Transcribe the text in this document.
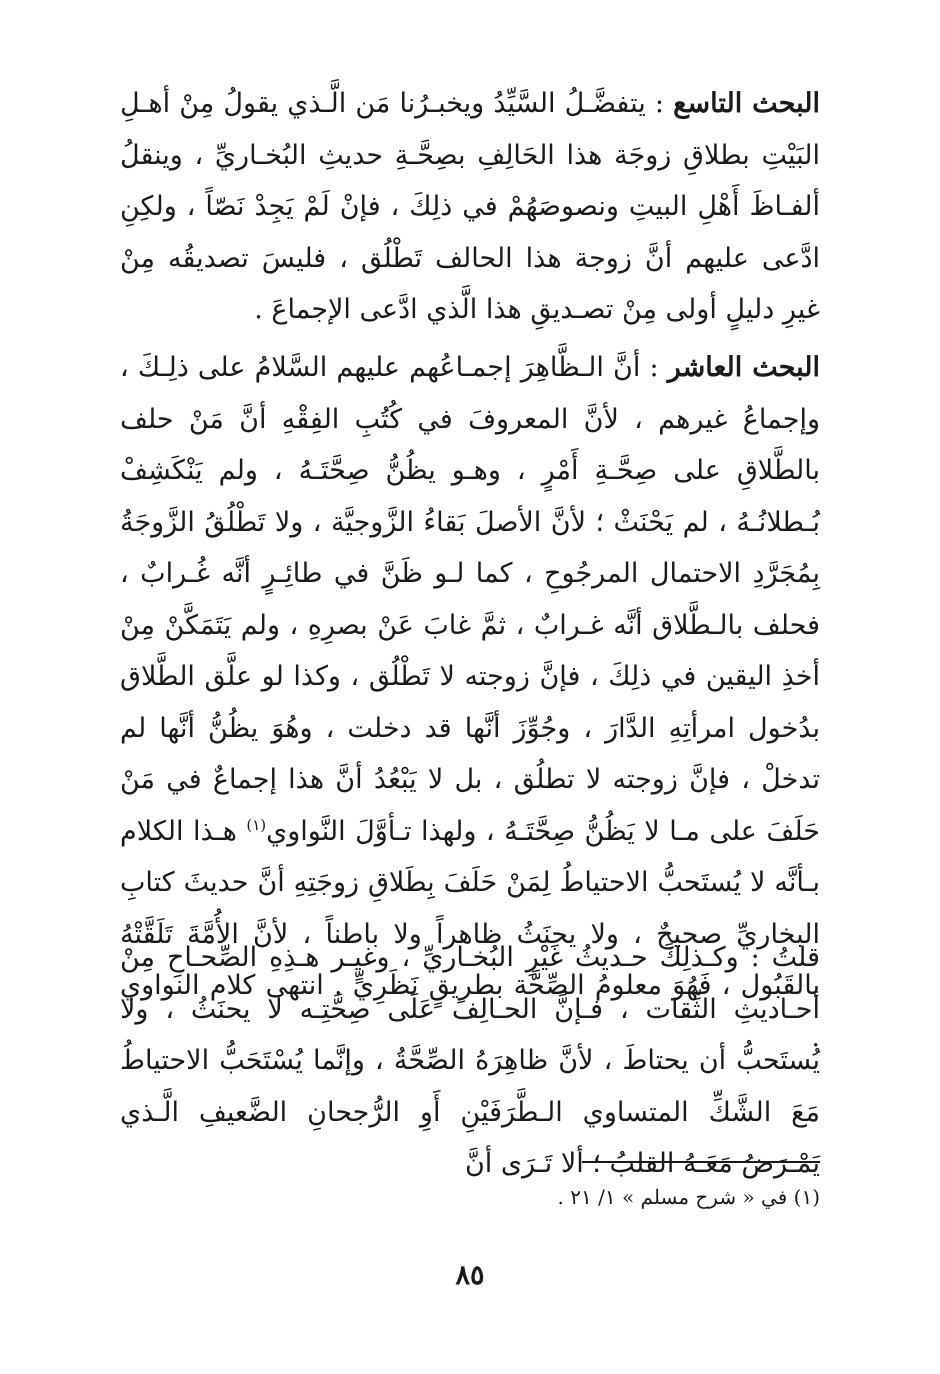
البحث التاسع : يتفضَّـلُ السَّيِّدُ ويخبـرُنا مَن الَّـذي يقولُ مِنْ أهـلِ البَيْتِ بطلاقِ زوجَة هذا الحَالِفِ بصِحَّـةِ حديثِ البُخـاريِّ ، وينقلُ ألفـاظَ أَهْلِ البيتِ ونصوصَهُمْ في ذلِكَ ، فإنْ لَمْ يَجِدْ نَصّاً ، ولكِنِ ادَّعى عليهم أنَّ زوجة هذا الحالف تَطْلُق ، فليسَ تصديقُه مِنْ غيرِ دليلٍ أولى مِنْ تصـديقِ هذا الَّذي ادَّعى الإجماعَ .

البحث العاشر : أنَّ الـظَّاهِرَ إجمـاعُهم عليهم السَّلامُ على ذلِـكَ ، وإجماعُ غيرهم ، لأنَّ المعروفَ في كُتُبِ الفِقْهِ أنَّ مَنْ حلف بالطَّلاقِ على صِحَّـةِ أَمْرٍ ، وهـو يظُنُّ صِحَّتَـهُ ، ولم يَنْكَشِفْ بُـطلانُـهُ ، لم يَحْنَثْ ؛ لأنَّ الأصلَ بَقاءُ الزَّوجيَّة ، ولا تَطْلُقُ الزَّوجَةُ بِمُجَرَّدِ الاحتمال المرجُوحِ ، كما لـو ظَنَّ في طائِـرٍ أنَّه غُـرابٌ ، فحلف بالـطَّلاق أنَّه غـرابٌ ، ثمَّ غابَ عَنْ بصرِهِ ، ولم يَتَمَكَّنْ مِنْ أخذِ اليقين في ذلِكَ ، فإنَّ زوجته لا تَطْلُق ، وكذا لو علَّق الطَّلاق بدُخول امرأتِهِ الدَّارَ ، وجُوِّزَ أنَّها قد دخلت ، وهُوَ يظُنُّ أنَّها لم تدخلْ ، فإنَّ زوجته لا تطلُق ، بل لا يَبْعُدُ أنَّ هذا إجماعٌ في مَنْ حَلَفَ على مـا لا يَظُنُّ صِحَّتَـهُ ، ولهذا تـأوَّلَ النَّواوي$^{(١)}$ هـذا الكلام بـأنَّه لا يُستَحبُّ الاحتياطُ لِمَنْ حَلَفَ بِطَلاقِ زوجَتِهِ أنَّ حديثَ كتابِ البخاريِّ صحيحٌ ، ولا يحنَثُ ظاهراً ولا باطناً ، لأنَّ الأُمَّةَ تَلَقَّتْهُ بالقَبُول ، فَهُوَ معلومُ الصِّحَّة بطريقٍ نَظَرِيٍّ . انتهى كلام النواوي .

قلتُ : وكـذلِكَ حـديثُ غَيْرِ البُخـاريِّ ، وغيـر هـذِهِ الصِّحـاحِ مِنْ أحـاديثِ الثِّقات ، فـإنَّ الحـالِفَ عَلَى صِحَّتِـه لا يحنَثُ ، ولا يُستَحبُّ أن يحتاطَ ، لأنَّ ظاهِرَهُ الصِّحَّةُ ، وإنَّما يُسْتَحَبُّ الاحتياطُ مَعَ الشَّكِّ المتساوي الـطَّرَفَيْنِ أَوِ الرُّجحانِ الضَّعيفِ الَّـذي يَمْـرَضُ مَعَـهُ القلبُ ؛ ألا تَـرَى أنَّ

(١) في « شرح مسلم » ١/ ٢١ .

٨٥
